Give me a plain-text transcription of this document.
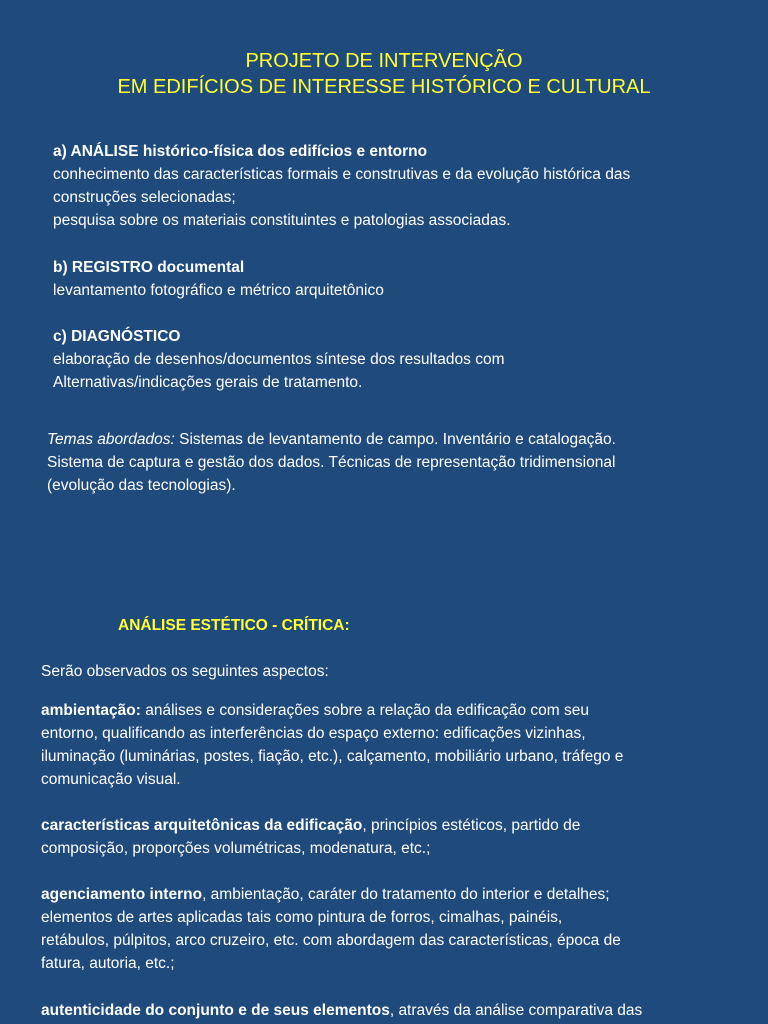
PROJETO DE INTERVENÇÃO
EM EDIFÍCIOS DE INTERESSE HISTÓRICO E CULTURAL

a) ANÁLISE histórico-física dos edifícios e entorno

conhecimento das características formais e construtivas e da evolução histórica das

construções selecionadas;

pesquisa sobre os materiais constituintes e patologias associadas.

b) REGISTRO documental

levantamento fotográfico e métrico arquitetônico

c) DIAGNÓSTICO

elaboração de desenhos/documentos síntese dos resultados com

Alternativas/indicações gerais de tratamento.

Temas abordados: Sistemas de levantamento de campo. Inventário e catalogação.

Sistema de captura e gestão dos dados. Técnicas de representação tridimensional

(evolução das tecnologias).

ANÁLISE ESTÉTICO - CRÍTICA:

Serão observados os seguintes aspectos:

ambientação: análises e considerações sobre a relação da edificação com seu

entorno, qualificando as interferências do espaço externo: edificações vizinhas,

iluminação (luminárias, postes, fiação, etc.), calçamento, mobiliário urbano, tráfego e

comunicação visual.

características arquitetônicas da edificação, princípios estéticos, partido de

composição, proporções volumétricas, modenatura, etc.;

agenciamento interno, ambientação, caráter do tratamento do interior e detalhes;

elementos de artes aplicadas tais como pintura de forros, cimalhas, painéis,

retábulos, púlpitos, arco cruzeiro, etc. com abordagem das características, época de

fatura, autoria, etc.;

autenticidade do conjunto e de seus elementos, através da análise comparativa das
